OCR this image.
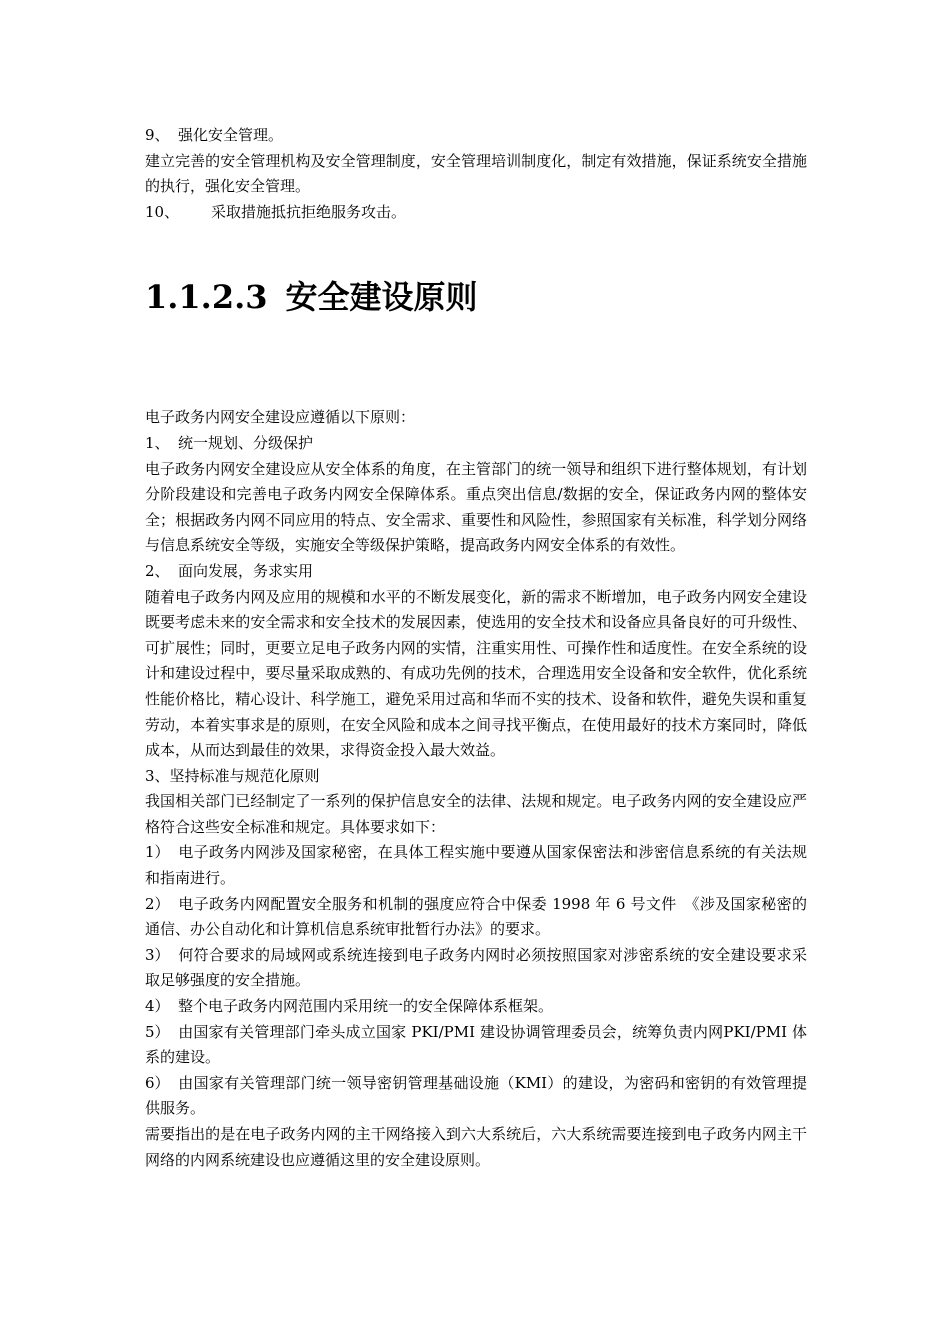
9、 强化安全管理。

建立完善的安全管理机构及安全管理制度，安全管理培训制度化，制定有效措施，保证系统安全措施的执行，强化安全管理。

10、 采取措施抵抗拒绝服务攻击。

1.1.2.3 安全建设原则

电子政务内网安全建设应遵循以下原则：

1、 统一规划、分级保护

电子政务内网安全建设应从安全体系的角度，在主管部门的统一领导和组织下进行整体规划，有计划分阶段建设和完善电子政务内网安全保障体系。重点突出信息/数据的安全，保证政务内网的整体安全；根据政务内网不同应用的特点、安全需求、重要性和风险性，参照国家有关标准，科学划分网络与信息系统安全等级，实施安全等级保护策略，提高政务内网安全体系的有效性。

2、 面向发展，务求实用

随着电子政务内网及应用的规模和水平的不断发展变化，新的需求不断增加，电子政务内网安全建设既要考虑未来的安全需求和安全技术的发展因素，使选用的安全技术和设备应具备良好的可升级性、可扩展性；同时，更要立足电子政务内网的实情，注重实用性、可操作性和适度性。在安全系统的设计和建设过程中，要尽量采取成熟的、有成功先例的技术，合理选用安全设备和安全软件，优化系统性能价格比，精心设计、科学施工，避免采用过高和华而不实的技术、设备和软件，避免失误和重复劳动，本着实事求是的原则，在安全风险和成本之间寻找平衡点，在使用最好的技术方案同时，降低成本，从而达到最佳的效果，求得资金投入最大效益。

3、坚持标准与规范化原则

我国相关部门已经制定了一系列的保护信息安全的法律、法规和规定。电子政务内网的安全建设应严格符合这些安全标准和规定。具体要求如下：

1） 电子政务内网涉及国家秘密，在具体工程实施中要遵从国家保密法和涉密信息系统的有关法规和指南进行。

2） 电子政务内网配置安全服务和机制的强度应符合中保委 1998 年 6 号文件　《涉及国家秘密的通信、办公自动化和计算机信息系统审批暂行办法》的要求。

3） 何符合要求的局域网或系统连接到电子政务内网时必须按照国家对涉密系统的安全建设要求采取足够强度的安全措施。

4） 整个电子政务内网范围内采用统一的安全保障体系框架。

5） 由国家有关管理部门牵头成立国家 PKI/PMI 建设协调管理委员会，统筹负责内网PKI/PMI 体系的建设。

6） 由国家有关管理部门统一领导密钥管理基础设施（KMI）的建设，为密码和密钥的有效管理提供服务。

需要指出的是在电子政务内网的主干网络接入到六大系统后，六大系统需要连接到电子政务内网主干网络的内网系统建设也应遵循这里的安全建设原则。
